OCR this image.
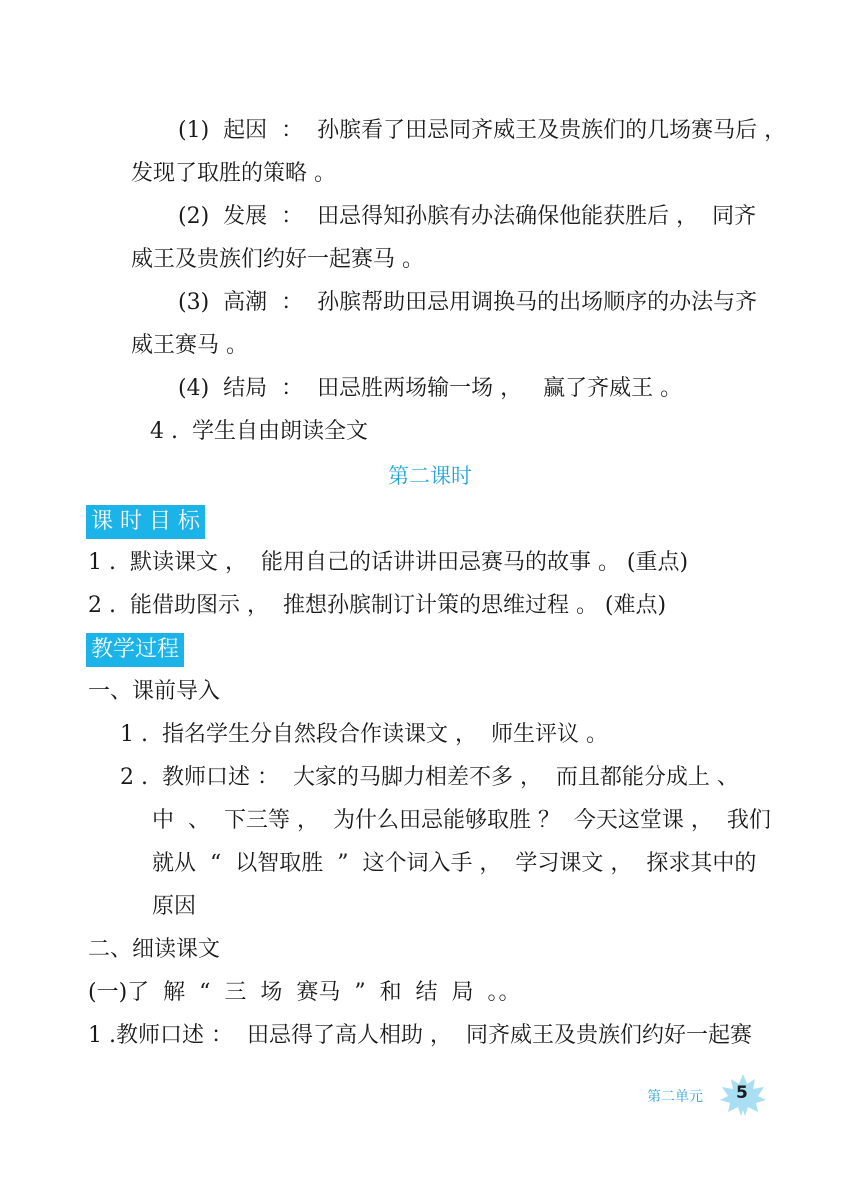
(1)  起因  ：  孙膑看了田忌同齐威王及贵族们的几场赛马后 ，
发现了取胜的策略 。
(2)  发展  ：  田忌得知孙膑有办法确保他能获胜后 ，  同齐
威王及贵族们约好一起赛马 。
(3)  高潮  ：  孙膑帮助田忌用调换马的出场顺序的办法与齐
威王赛马 。
(4)  结局  ：  田忌胜两场输一场 ，   赢了齐威王 。
4 .  学生自由朗读全文
第二课时
课 时 目 标
1 .  默读课文 ，  能用自己的话讲讲田忌赛马的故事 。 (重点)
2 .  能借助图示 ，  推想孙膑制订计策的思维过程 。 (难点)
教学过程
一、课前导入
1 .  指名学生分自然段合作读课文 ，  师生评议 。
2 .  教师口述 ：  大家的马脚力相差不多 ，  而且都能分成上 、
中  、  下三等 ，  为什么田忌能够取胜 ？  今天这堂课 ，  我们
就从  “  以智取胜  ”  这个词入手 ，  学习课文 ，  探求其中的
原因
二、细读课文
(一)了  解  “  三  场  赛马  ”  和  结  局  。。
1 .教师口述 ：  田忌得了高人相助 ，  同齐威王及贵族们约好一起赛
第二单元 5
